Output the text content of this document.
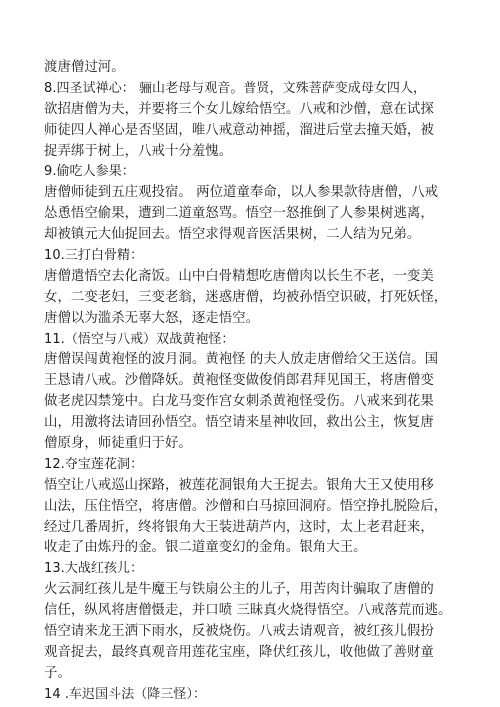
渡唐僧过河。
8.四圣试禅心： 骊山老母与观音。普贤，文殊菩萨变成母女四人，
欲招唐僧为夫，并要将三个女儿嫁给悟空。八戒和沙僧，意在试探
师徒四人禅心是否坚固，唯八戒意动神摇，溜进后堂去撞天婚，被
捉弄绑于树上，八戒十分羞愧。
9.偷吃人参果：
唐僧师徒到五庄观投宿。 两位道童奉命，以人参果款待唐僧，八戒
怂恿悟空偷果，遭到二道童怒骂。悟空一怒推倒了人参果树逃离，
却被镇元大仙捉回去。悟空求得观音医活果树，二人结为兄弟。
10.三打白骨精：
唐僧遣悟空去化斋饭。山中白骨精想吃唐僧肉以长生不老，一变美
女，二变老妇，三变老翁，迷惑唐僧，均被孙悟空识破，打死妖怪，
唐僧以为滥杀无辜大怒，逐走悟空。
11.（悟空与八戒）双战黄袍怪：
唐僧误闯黄袍怪的波月洞。黄袍怪 的夫人放走唐僧给父王送信。国
王恳请八戒。沙僧降妖。黄袍怪变做俊俏郎君拜见国王，将唐僧变
做老虎囚禁笼中。白龙马变作宫女刺杀黄袍怪受伤。八戒来到花果
山，用激将法请回孙悟空。悟空请来星神收回，救出公主，恢复唐
僧原身，师徒重归于好。
12.夺宝莲花洞：
悟空让八戒巡山探路，被莲花洞银角大王捉去。银角大王又使用移
山法，压住悟空，将唐僧。沙僧和白马掠回洞府。悟空挣扎脱险后，
经过几番周折，终将银角大王装进葫芦内，这时，太上老君赶来，
收走了由炼丹的金。银二道童变幻的金角。银角大王。
13.大战红孩儿：
火云洞红孩儿是牛魔王与铁扇公主的儿子，用苦肉计骗取了唐僧的
信任，纵风将唐僧慑走，并口喷 三昧真火烧得悟空。八戒落荒而逃。
悟空请来龙王洒下雨水，反被烧伤。八戒去请观音，被红孩儿假扮
观音捉去，最终真观音用莲花宝座，降伏红孩儿，收他做了善财童
子。
14 .车迟国斗法（降三怪）：
